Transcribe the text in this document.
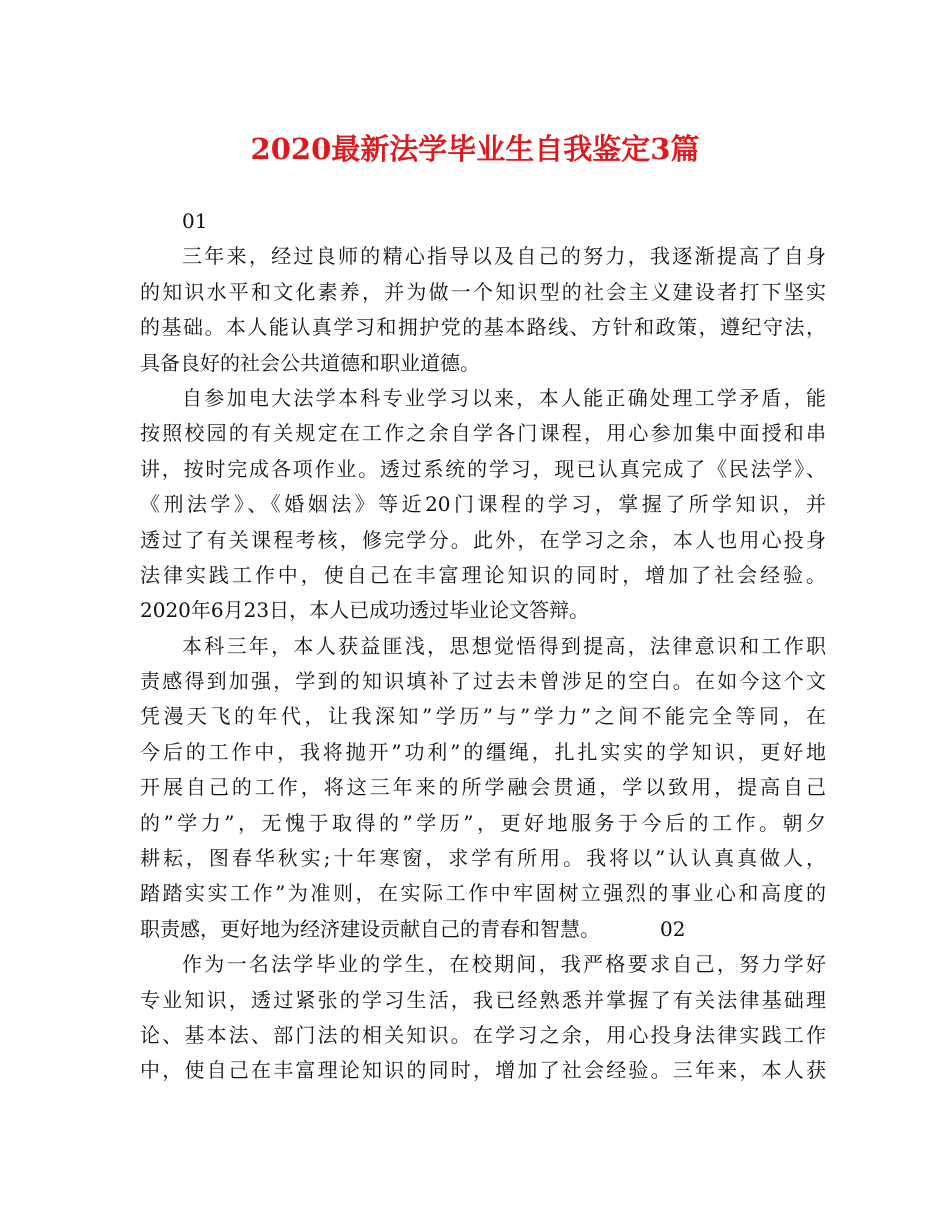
2020最新法学毕业生自我鉴定3篇
01
三年来，经过良师的精心指导以及自己的努力，我逐渐提高了自身
的知识水平和文化素养，并为做一个知识型的社会主义建设者打下坚实
的基础。本人能认真学习和拥护党的基本路线、方针和政策，遵纪守法，
具备良好的社会公共道德和职业道德。
自参加电大法学本科专业学习以来，本人能正确处理工学矛盾，能
按照校园的有关规定在工作之余自学各门课程，用心参加集中面授和串
讲，按时完成各项作业。透过系统的学习，现已认真完成了《民法学》、
《刑法学》、《婚姻法》等近20门课程的学习，掌握了所学知识，并
透过了有关课程考核，修完学分。此外，在学习之余，本人也用心投身
法律实践工作中，使自己在丰富理论知识的同时，增加了社会经验。
2020年6月23日，本人已成功透过毕业论文答辩。
本科三年，本人获益匪浅，思想觉悟得到提高，法律意识和工作职
责感得到加强，学到的知识填补了过去未曾涉足的空白。在如今这个文
凭漫天飞的年代，让我深知”学历”与”学力”之间不能完全等同，在
今后的工作中，我将抛开”功利”的缰绳，扎扎实实的学知识，更好地
开展自己的工作，将这三年来的所学融会贯通，学以致用，提高自己
的”学力”，无愧于取得的”学历”，更好地服务于今后的工作。朝夕
耕耘，图春华秋实;十年寒窗，求学有所用。我将以”认认真真做人，
踏踏实实工作”为准则，在实际工作中牢固树立强烈的事业心和高度的
职责感，更好地为经济建设贡献自己的青春和智慧。	02
作为一名法学毕业的学生，在校期间，我严格要求自己，努力学好
专业知识，透过紧张的学习生活，我已经熟悉并掌握了有关法律基础理
论、基本法、部门法的相关知识。在学习之余，用心投身法律实践工作
中，使自己在丰富理论知识的同时，增加了社会经验。三年来，本人获
